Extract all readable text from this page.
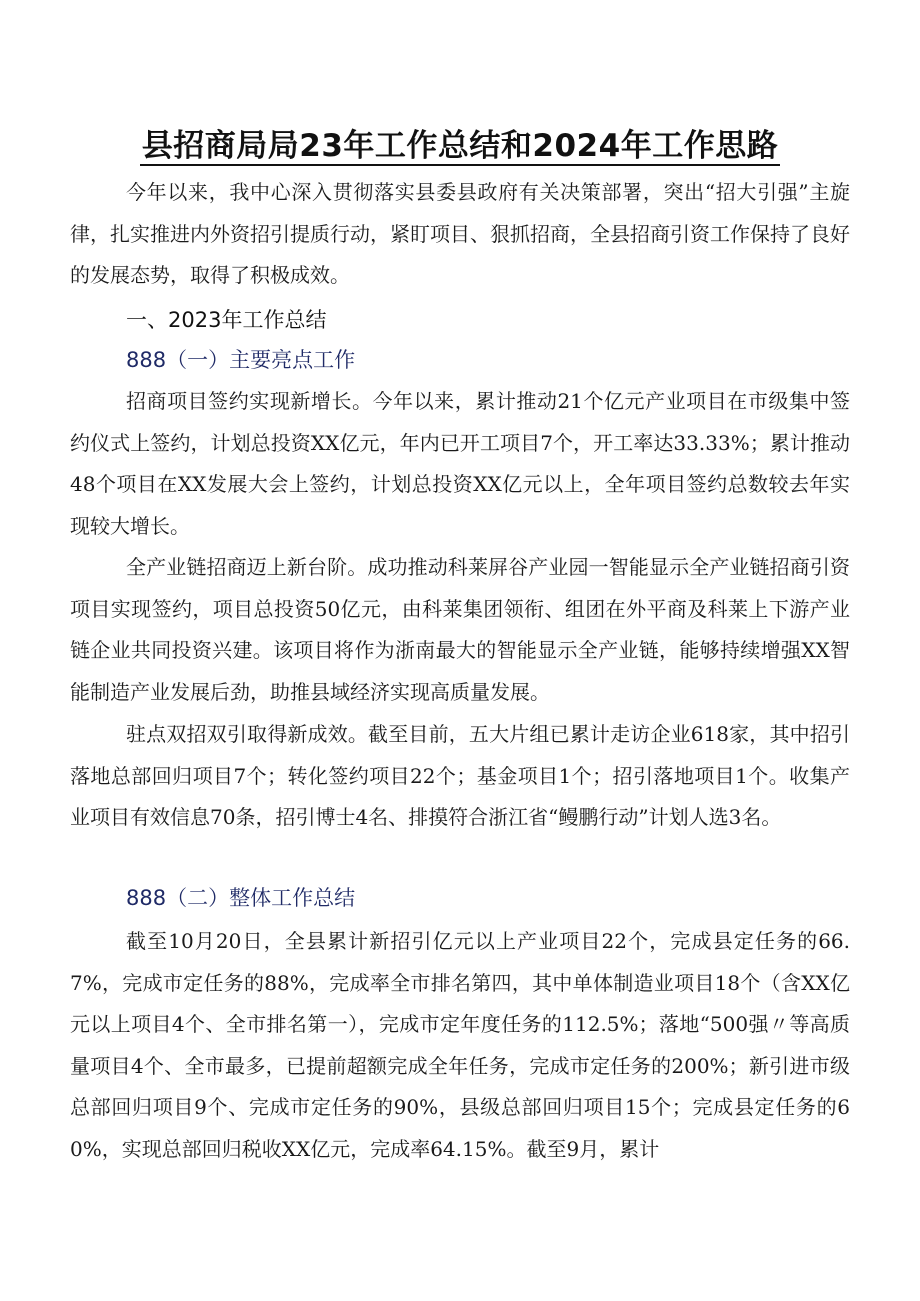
县招商局局23年工作总结和2024年工作思路

今年以来，我中心深入贯彻落实县委县政府有关决策部署，突出“招大引强”主旋律，扎实推进内外资招引提质行动，紧盯项目、狠抓招商，全县招商引资工作保持了良好的发展态势，取得了积极成效。

一、2023年工作总结

888（一）主要亮点工作

招商项目签约实现新增长。今年以来，累计推动21个亿元产业项目在市级集中签约仪式上签约，计划总投资XX亿元，年内已开工项目7个，开工率达33.33%；累计推动48个项目在XX发展大会上签约，计划总投资XX亿元以上，全年项目签约总数较去年实现较大增长。

全产业链招商迈上新台阶。成功推动科莱屏谷产业园一智能显示全产业链招商引资项目实现签约，项目总投资50亿元，由科莱集团领衔、组团在外平商及科莱上下游产业链企业共同投资兴建。该项目将作为浙南最大的智能显示全产业链，能够持续增强XX智能制造产业发展后劲，助推县域经济实现高质量发展。

驻点双招双引取得新成效。截至目前，五大片组已累计走访企业618家，其中招引落地总部回归项目7个；转化签约项目22个；基金项目1个；招引落地项目1个。收集产业项目有效信息70条，招引博士4名、排摸符合浙江省“鳗鹏行动”计划人选3名。

888（二）整体工作总结

截至10月20日，全县累计新招引亿元以上产业项目22个，完成县定任务的66.7%，完成市定任务的88%，完成率全市排名第四，其中单体制造业项目18个（含XX亿元以上项目4个、全市排名第一），完成市定年度任务的112.5%；落地“500强〃等高质量项目4个、全市最多，已提前超额完成全年任务，完成市定任务的200%；新引进市级总部回归项目9个、完成市定任务的90%，县级总部回归项目15个；完成县定任务的60%，实现总部回归税收XX亿元，完成率64.15%。截至9月，累计
